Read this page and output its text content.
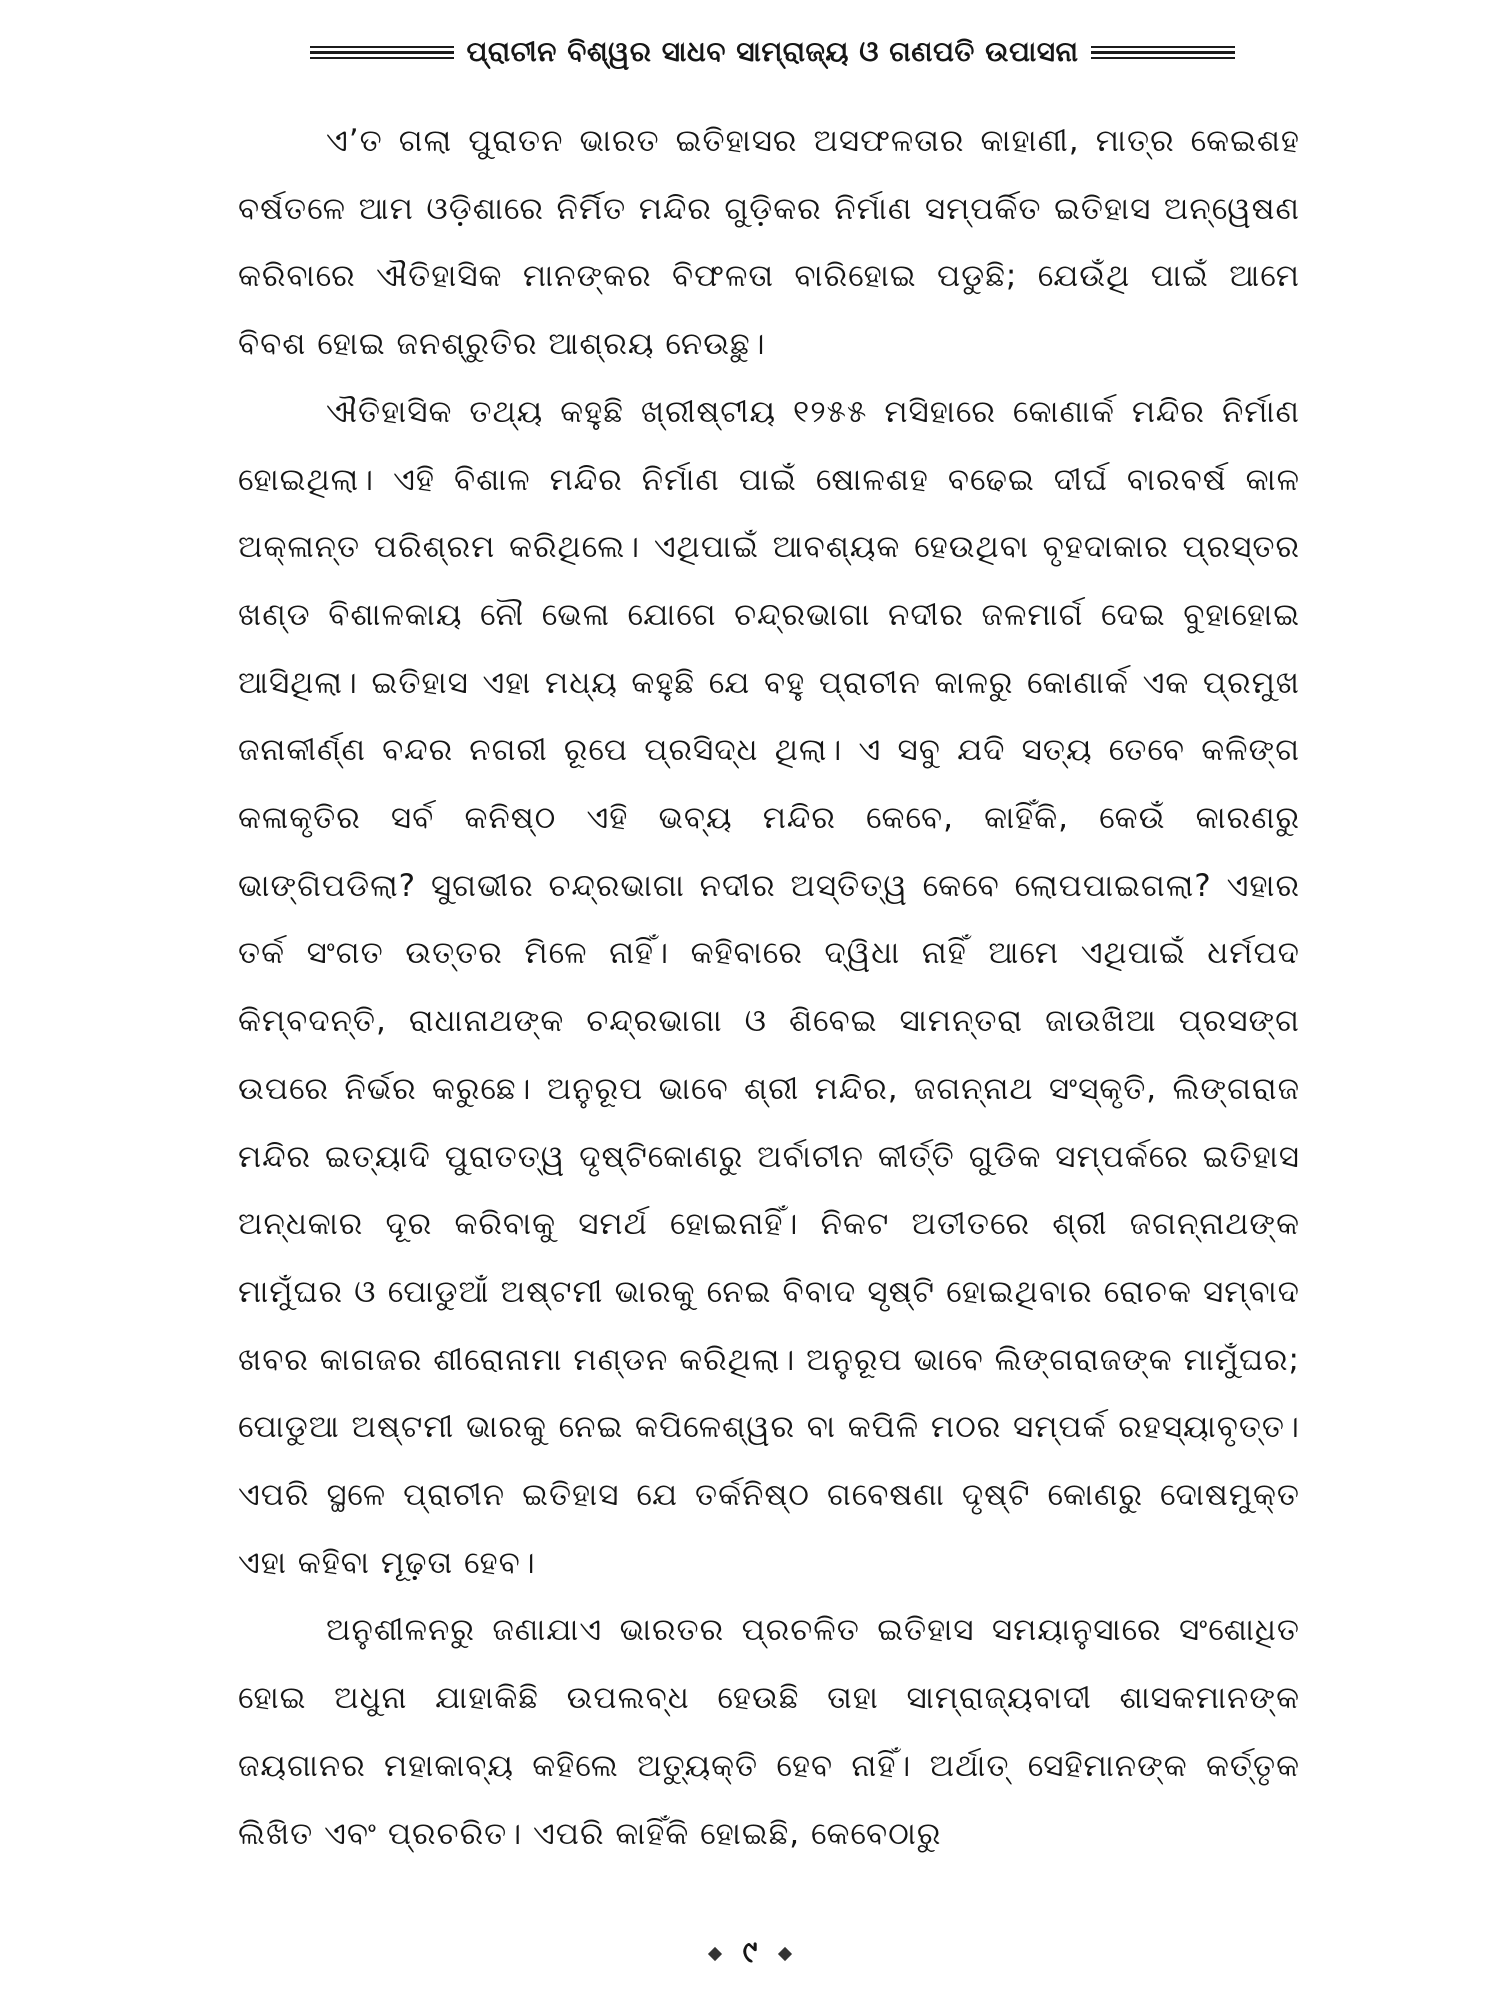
ପ୍ରାଚୀନ ବିଶ୍ୱର ସାଧବ ସାମ୍ରାଜ୍ୟ ଓ ଗଣପତି ଉପାସନା

ଏ’ତ ଗଲା ପୁରାତନ ଭାରତ ଇତିହାସର ଅସଫଳତାର କାହାଣୀ, ମାତ୍ର କେଇଶହ ବର୍ଷତଳେ ଆମ ଓଡ଼ିଶାରେ ନିର୍ମିତ ମନ୍ଦିର ଗୁଡ଼ିକର ନିର୍ମାଣ ସମ୍ପର୍କିତ ଇତିହାସ ଅନ୍ୱେଷଣ କରିବାରେ ଐତିହାସିକ ମାନଙ୍କର ବିଫଳତା ବାରିହୋଇ ପଡୁଛି; ଯେଉଁଥି ପାଇଁ ଆମେ ବିବଶ ହୋଇ ଜନଶ୍ରୁତିର ଆଶ୍ରୟ ନେଉଛୁ।

ଐତିହାସିକ ତଥ୍ୟ କହୁଛି ଖ୍ରୀଷ୍ଟୀୟ ୧୨୫୫ ମସିହାରେ କୋଣାର୍କ ମନ୍ଦିର ନିର୍ମାଣ ହୋଇଥିଲା। ଏହି ବିଶାଳ ମନ୍ଦିର ନିର୍ମାଣ ପାଇଁ ଷୋଳଶହ ବଢେଇ ଦୀର୍ଘ ବାରବର୍ଷ କାଳ ଅକ୍ଳାନ୍ତ ପରିଶ୍ରମ କରିଥିଲେ। ଏଥିପାଇଁ ଆବଶ୍ୟକ ହେଉଥିବା ବୃହଦାକାର ପ୍ରସ୍ତର ଖଣ୍ଡ ବିଶାଳକାୟ ନୌ ଭେଳା ଯୋଗେ ଚନ୍ଦ୍ରଭାଗା ନଦୀର ଜଳମାର୍ଗ ଦେଇ ବୁହାହୋଇ ଆସିଥିଲା। ଇତିହାସ ଏହା ମଧ୍ୟ କହୁଛି ଯେ ବହୁ ପ୍ରାଚୀନ କାଳରୁ କୋଣାର୍କ ଏକ ପ୍ରମୁଖ ଜନାକୀର୍ଣ୍ଣ ବନ୍ଦର ନଗରୀ ରୂପେ ପ୍ରସିଦ୍ଧ ଥିଲା। ଏ ସବୁ ଯଦି ସତ୍ୟ ତେବେ କଳିଙ୍ଗ କଳାକୃତିର ସର୍ବ କନିଷ୍ଠ ଏହି ଭବ୍ୟ ମନ୍ଦିର କେବେ, କାହିଁକି, କେଉଁ କାରଣରୁ ଭାଙ୍ଗିପଡିଲା? ସୁଗଭୀର ଚନ୍ଦ୍ରଭାଗା ନଦୀର ଅସ୍ତିତ୍ୱ କେବେ ଲୋପପାଇଗଲା? ଏହାର ତର୍କ ସଂଗତ ଉତ୍ତର ମିଳେ ନାହିଁ। କହିବାରେ ଦ୍ୱିଧା ନାହିଁ ଆମେ ଏଥିପାଇଁ ଧର୍ମପଦ କିମ୍ବଦନ୍ତି, ରାଧାନାଥଙ୍କ ଚନ୍ଦ୍ରଭାଗା ଓ ଶିବେଇ ସାମନ୍ତରା ଜାଉଖିଆ ପ୍ରସଙ୍ଗ ଉପରେ ନିର୍ଭର କରୁଛେ। ଅନୁରୂପ ଭାବେ ଶ୍ରୀ ମନ୍ଦିର, ଜଗନ୍ନାଥ ସଂସ୍କୃତି, ଲିଙ୍ଗରାଜ ମନ୍ଦିର ଇତ୍ୟାଦି ପୁରାତତ୍ୱ ଦୃଷ୍ଟିକୋଣରୁ ଅର୍ବାଚୀନ କୀର୍ତ୍ତି ଗୁଡିକ ସମ୍ପର୍କରେ ଇତିହାସ ଅନ୍ଧକାର ଦୂର କରିବାକୁ ସମର୍ଥ ହୋଇନାହିଁ। ନିକଟ ଅତୀତରେ ଶ୍ରୀ ଜଗନ୍ନାଥଙ୍କ ମାମୁଁଘର ଓ ପୋଡୁଆଁ ଅଷ୍ଟମୀ ଭାରକୁ ନେଇ ବିବାଦ ସୃଷ୍ଟି ହୋଇଥିବାର ରୋଚକ ସମ୍ବାଦ ଖବର କାଗଜର ଶୀରୋନାମା ମଣ୍ଡନ କରିଥିଲା। ଅନୁରୂପ ଭାବେ ଲିଙ୍ଗରାଜଙ୍କ ମାମୁଁଘର; ପୋଡୁଆ ଅଷ୍ଟମୀ ଭାରକୁ ନେଇ କପିଳେଶ୍ୱର ବା କପିଳି ମଠର ସମ୍ପର୍କ ରହସ୍ୟାବୃତ୍ତ। ଏପରି ସ୍ଥଳେ ପ୍ରାଚୀନ ଇତିହାସ ଯେ ତର୍କନିଷ୍ଠ ଗବେଷଣା ଦୃଷ୍ଟି କୋଣରୁ ଦୋଷମୁକ୍ତ ଏହା କହିବା ମୂଢ଼ତା ହେବ।

ଅନୁଶୀଳନରୁ ଜଣାଯାଏ ଭାରତର ପ୍ରଚଳିତ ଇତିହାସ ସମୟାନୁସାରେ ସଂଶୋଧିତ ହୋଇ ଅଧୁନା ଯାହାକିଛି ଉପଲବ୍ଧ ହେଉଛି ତାହା ସାମ୍ରାଜ୍ୟବାଦୀ ଶାସକମାନଙ୍କ ଜୟଗାନର ମହାକାବ୍ୟ କହିଲେ ଅତ୍ୟୁକ୍ତି ହେବ ନାହିଁ। ଅର୍ଥାତ୍ ସେହିମାନଙ୍କ କର୍ତ୍ତୃକ ଲିଖିତ ଏବଂ ପ୍ରଚରିତ। ଏପରି କାହିଁକି ହୋଇଛି, କେବେଠାରୁ

୯
